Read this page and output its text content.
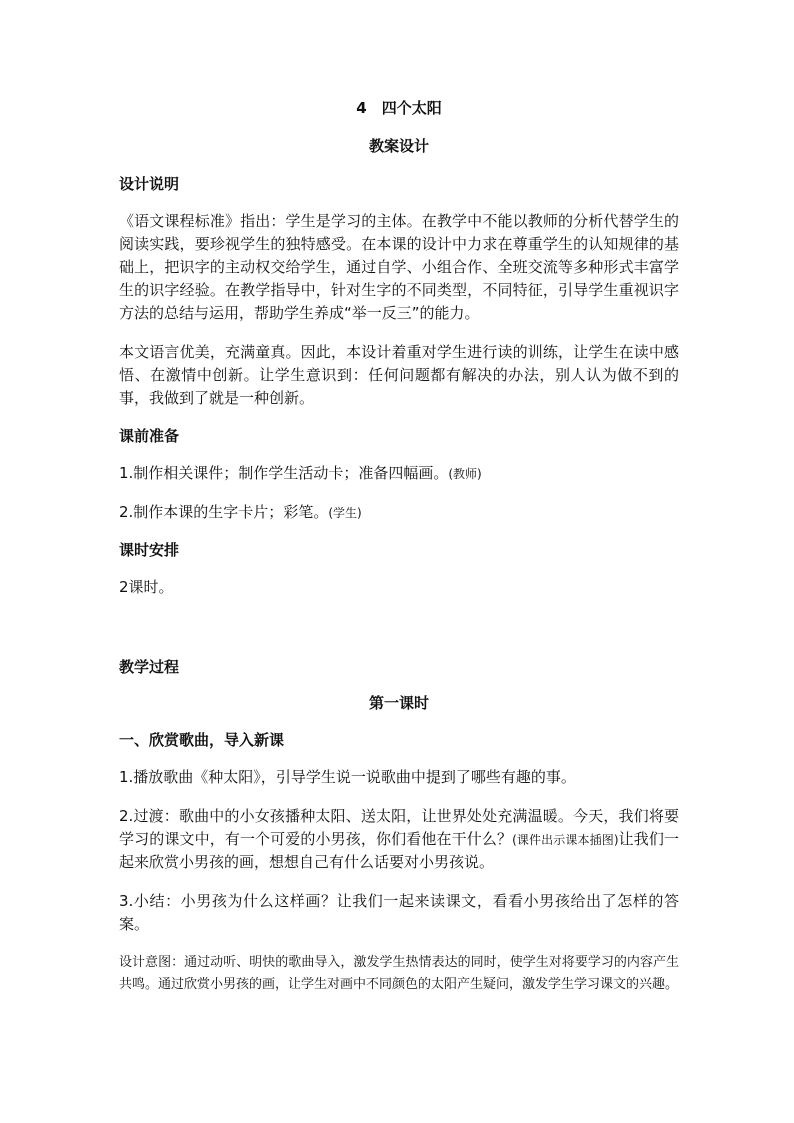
4　四个太阳
教案设计
设计说明
《语文课程标准》指出：学生是学习的主体。在教学中不能以教师的分析代替学生的阅读实践，要珍视学生的独特感受。在本课的设计中力求在尊重学生的认知规律的基础上，把识字的主动权交给学生，通过自学、小组合作、全班交流等多种形式丰富学生的识字经验。在教学指导中，针对生字的不同类型，不同特征，引导学生重视识字方法的总结与运用，帮助学生养成“举一反三”的能力。
本文语言优美，充满童真。因此，本设计着重对学生进行读的训练，让学生在读中感悟、在激情中创新。让学生意识到：任何问题都有解决的办法，别人认为做不到的事，我做到了就是一种创新。
课前准备
1.制作相关课件；制作学生活动卡；准备四幅画。(教师)
2.制作本课的生字卡片；彩笔。(学生)
课时安排
2课时。
教学过程
第一课时
一、欣赏歌曲，导入新课
1.播放歌曲《种太阳》，引导学生说一说歌曲中提到了哪些有趣的事。
2.过渡：歌曲中的小女孩播种太阳、送太阳，让世界处处充满温暖。今天，我们将要学习的课文中，有一个可爱的小男孩，你们看他在干什么？(课件出示课本插图)让我们一起来欣赏小男孩的画，想想自己有什么话要对小男孩说。
3.小结：小男孩为什么这样画？让我们一起来读课文，看看小男孩给出了怎样的答案。
设计意图：通过动听、明快的歌曲导入，激发学生热情表达的同时，使学生对将要学习的内容产生共鸣。通过欣赏小男孩的画，让学生对画中不同颜色的太阳产生疑问，激发学生学习课文的兴趣。
